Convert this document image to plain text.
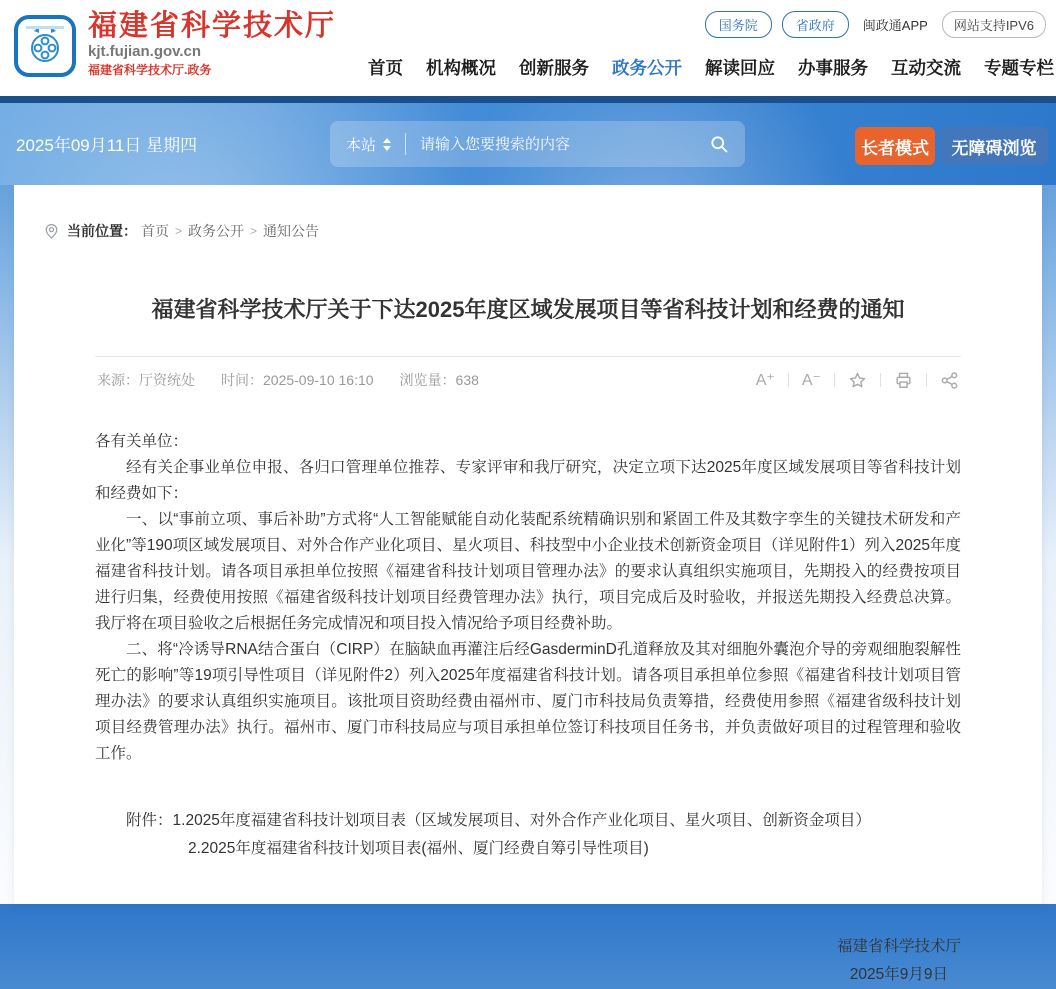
福建省科学技术厅
kjt.fujian.gov.cn
福建省科学技术厅.政务
国务院	省政府	闽政通APP	网站支持IPV6
首页 机构概况 创新服务 政务公开 解读回应 办事服务 互动交流 专题专栏
2025年09月11日 星期四	本站
请输入您要搜索的内容	长者模式	无障碍浏览
当前位置： 首页 > 政务公开 > 通知公告
福建省科学技术厅关于下达2025年度区域发展项目等省科技计划和经费的通知
来源：厅资统处 时间：2025-09-10 16:10 浏览量：638	A⁺ A⁻

各有关单位：

经有关企事业单位申报、各归口管理单位推荐、专家评审和我厅研究，决定立项下达2025年度区域发展项目等省科技计划和经费如下：

一、以“事前立项、事后补助”方式将“人工智能赋能自动化装配系统精确识别和紧固工件及其数字孪生的关键技术研发和产业化”等190项区域发展项目、对外合作产业化项目、星火项目、科技型中小企业技术创新资金项目（详见附件1）列入2025年度福建省科技计划。请各项目承担单位按照《福建省科技计划项目管理办法》的要求认真组织实施项目，先期投入的经费按项目进行归集，经费使用按照《福建省级科技计划项目经费管理办法》执行，项目完成后及时验收，并报送先期投入经费总决算。我厅将在项目验收之后根据任务完成情况和项目投入情况给予项目经费补助。

二、将“冷诱导RNA结合蛋白（CIRP）在脑缺血再灌注后经GasderminD孔道释放及其对细胞外囊泡介导的旁观细胞裂解性死亡的影响”等19项引导性项目（详见附件2）列入2025年度福建省科技计划。请各项目承担单位参照《福建省科技计划项目管理办法》的要求认真组织实施项目。该批项目资助经费由福州市、厦门市科技局负责筹措，经费使用参照《福建省级科技计划项目经费管理办法》执行。福州市、厦门市科技局应与项目承担单位签订科技项目任务书，并负责做好项目的过程管理和验收工作。

附件：1.2025年度福建省科技计划项目表（区域发展项目、对外合作产业化项目、星火项目、创新资金项目）

2.2025年度福建省科技计划项目表(福州、厦门经费自筹引导性项目)

福建省科学技术厅
2025年9月9日
